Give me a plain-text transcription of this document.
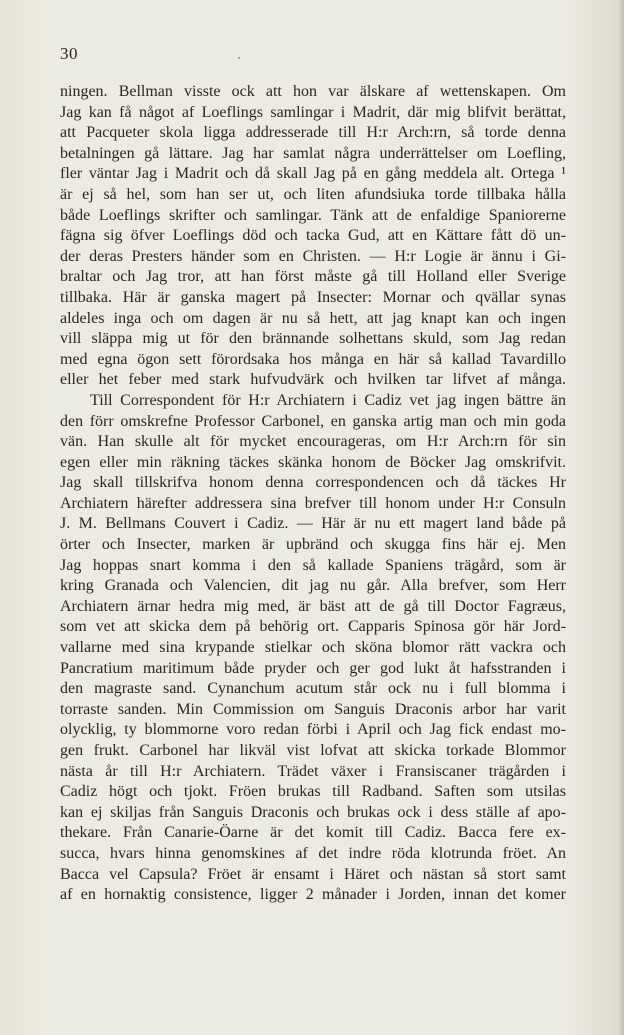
30
ningen. Bellman visste ock att hon var älskare af wettenskapen. Om
Jag kan få något af Loeflings samlingar i Madrit, där mig blifvit berättat,
att Pacqueter skola ligga addresserade till H:r Arch:rn, så torde denna
betalningen gå lättare. Jag har samlat några underrättelser om Loefling,
fler väntar Jag i Madrit och då skall Jag på en gång meddela alt. Ortega ¹
är ej så hel, som han ser ut, och liten afundsiuka torde tillbaka hålla
både Loeflings skrifter och samlingar. Tänk att de enfaldige Spaniorerne
fägna sig öfver Loeflings död och tacka Gud, att en Kättare fått dö un-
der deras Presters händer som en Christen. — H:r Logie är ännu i Gi-
braltar och Jag tror, att han först måste gå till Holland eller Sverige
tillbaka. Här är ganska magert på Insecter: Mornar och qvällar synas
aldeles inga och om dagen är nu så hett, att jag knapt kan och ingen
vill släppa mig ut för den brännande solhettans skuld, som Jag redan
med egna ögon sett förordsaka hos många en här så kallad Tavardillo
eller het feber med stark hufvudvärk och hvilken tar lifvet af många.
Till Correspondent för H:r Archiatern i Cadiz vet jag ingen bättre än
den förr omskrefne Professor Carbonel, en ganska artig man och min goda
vän. Han skulle alt för mycket encourageras, om H:r Arch:rn för sin
egen eller min räkning täckes skänka honom de Böcker Jag omskrifvit.
Jag skall tillskrifva honom denna correspondencen och då täckes Hr
Archiatern härefter addressera sina brefver till honom under H:r Consuln
J. M. Bellmans Couvert i Cadiz. — Här är nu ett magert land både på
örter och Insecter, marken är upbränd och skugga fins här ej. Men
Jag hoppas snart komma i den så kallade Spaniens trägård, som är
kring Granada och Valencien, dit jag nu går. Alla brefver, som Herr
Archiatern ärnar hedra mig med, är bäst att de gå till Doctor Fagræus,
som vet att skicka dem på behörig ort. Capparis Spinosa gör här Jord-
vallarne med sina krypande stielkar och sköna blomor rätt vackra och
Pancratium maritimum både pryder och ger god lukt åt hafsstranden i
den magraste sand. Cynanchum acutum står ock nu i full blomma i
torraste sanden. Min Commission om Sanguis Draconis arbor har varit
olycklig, ty blommorne voro redan förbi i April och Jag fick endast mo-
gen frukt. Carbonel har likväl vist lofvat att skicka torkade Blommor
nästa år till H:r Archiatern. Trädet växer i Fransiscaner trägården i
Cadiz högt och tjokt. Fröen brukas till Radband. Saften som utsilas
kan ej skiljas från Sanguis Draconis och brukas ock i dess ställe af apo-
thekare. Från Canarie-Öarne är det komit till Cadiz. Bacca fere ex-
succa, hvars hinna genomskines af det indre röda klotrunda fröet. An
Bacca vel Capsula? Fröet är ensamt i Häret och nästan så stort samt
af en hornaktig consistence, ligger 2 månader i Jorden, innan det komer
